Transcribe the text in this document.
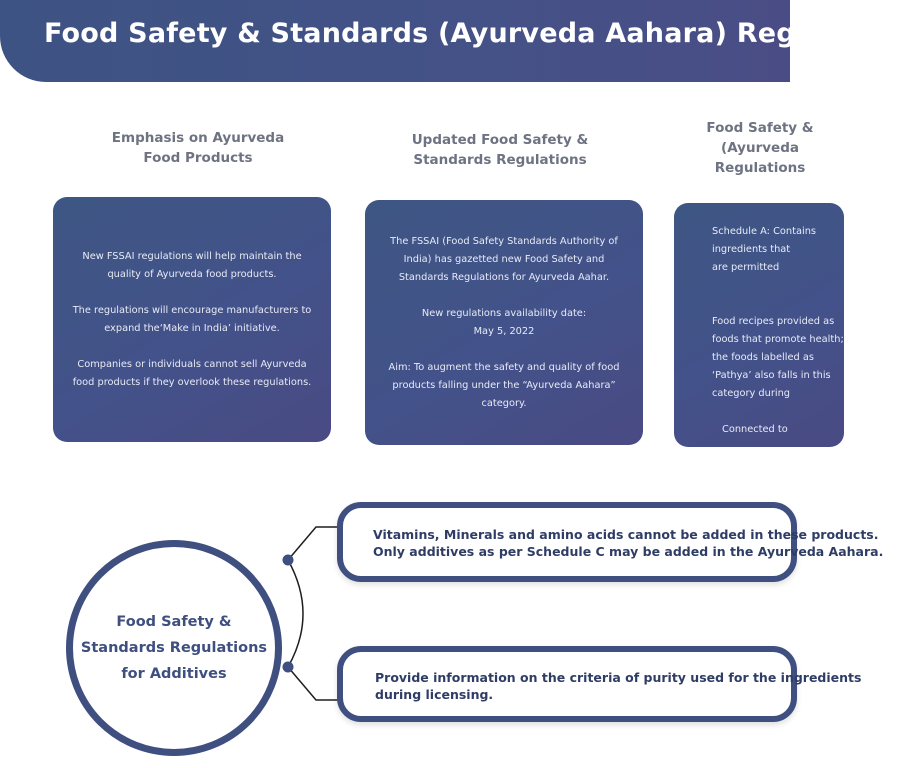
Food Safety & Standards (Ayurveda Aahara) Regulations
Emphasis on Ayurveda
Food Products
Updated Food Safety &
Standards Regulations
Food Safety &
(Ayurveda
Regulations

New FSSAI regulations will help maintain the quality of Ayurveda food products.

The regulations will encourage manufacturers to expand the‘Make in India’ initiative.

Companies or individuals cannot sell Ayurveda food products if they overlook these regulations.

The FSSAI (Food Safety Standards Authority of India) has gazetted new Food Safety and Standards Regulations for Ayurveda Aahar.

New regulations availability date:
May 5, 2022

Aim: To augment the safety and quality of food products falling under the “Ayurveda Aahara” category.

Schedule A: Contains ingredients that
are permitted

Food recipes provided as foods that promote health; the foods labelled as ‘Pathya’ also falls in this category during

Connected to

Food Safety &
Standards Regulations
for Additives
Vitamins, Minerals and amino acids cannot be added in these products.
Only additives as per Schedule C may be added in the Ayurveda Aahara.
Provide information on the criteria of purity used for the ingredients
during licensing.
